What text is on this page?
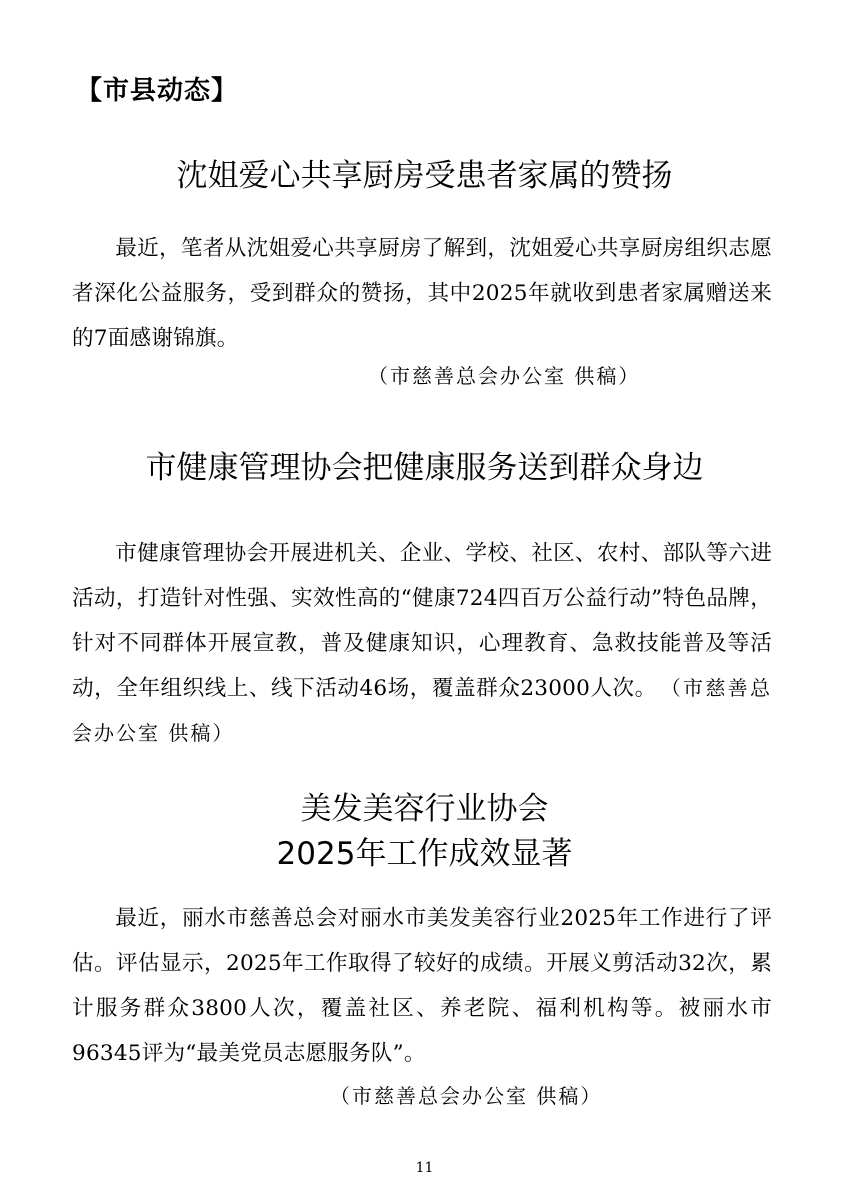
【市县动态】
沈姐爱心共享厨房受患者家属的赞扬

最近，笔者从沈姐爱心共享厨房了解到，沈姐爱心共享厨房组织志愿者深化公益服务，受到群众的赞扬，其中2025年就收到患者家属赠送来的7面感谢锦旗。

（市慈善总会办公室 供稿）
市健康管理协会把健康服务送到群众身边

市健康管理协会开展进机关、企业、学校、社区、农村、部队等六进活动，打造针对性强、实效性高的“健康724四百万公益行动”特色品牌，针对不同群体开展宣教，普及健康知识，心理教育、急救技能普及等活动，全年组织线上、线下活动46场，覆盖群众23000人次。 （市慈善总会办公室 供稿）

美发美容行业协会
2025年工作成效显著

最近，丽水市慈善总会对丽水市美发美容行业2025年工作进行了评估。评估显示，2025年工作取得了较好的成绩。开展义剪活动32次，累计服务群众3800人次，覆盖社区、养老院、福利机构等。被丽水市96345评为“最美党员志愿服务队”。

（市慈善总会办公室 供稿）
11
